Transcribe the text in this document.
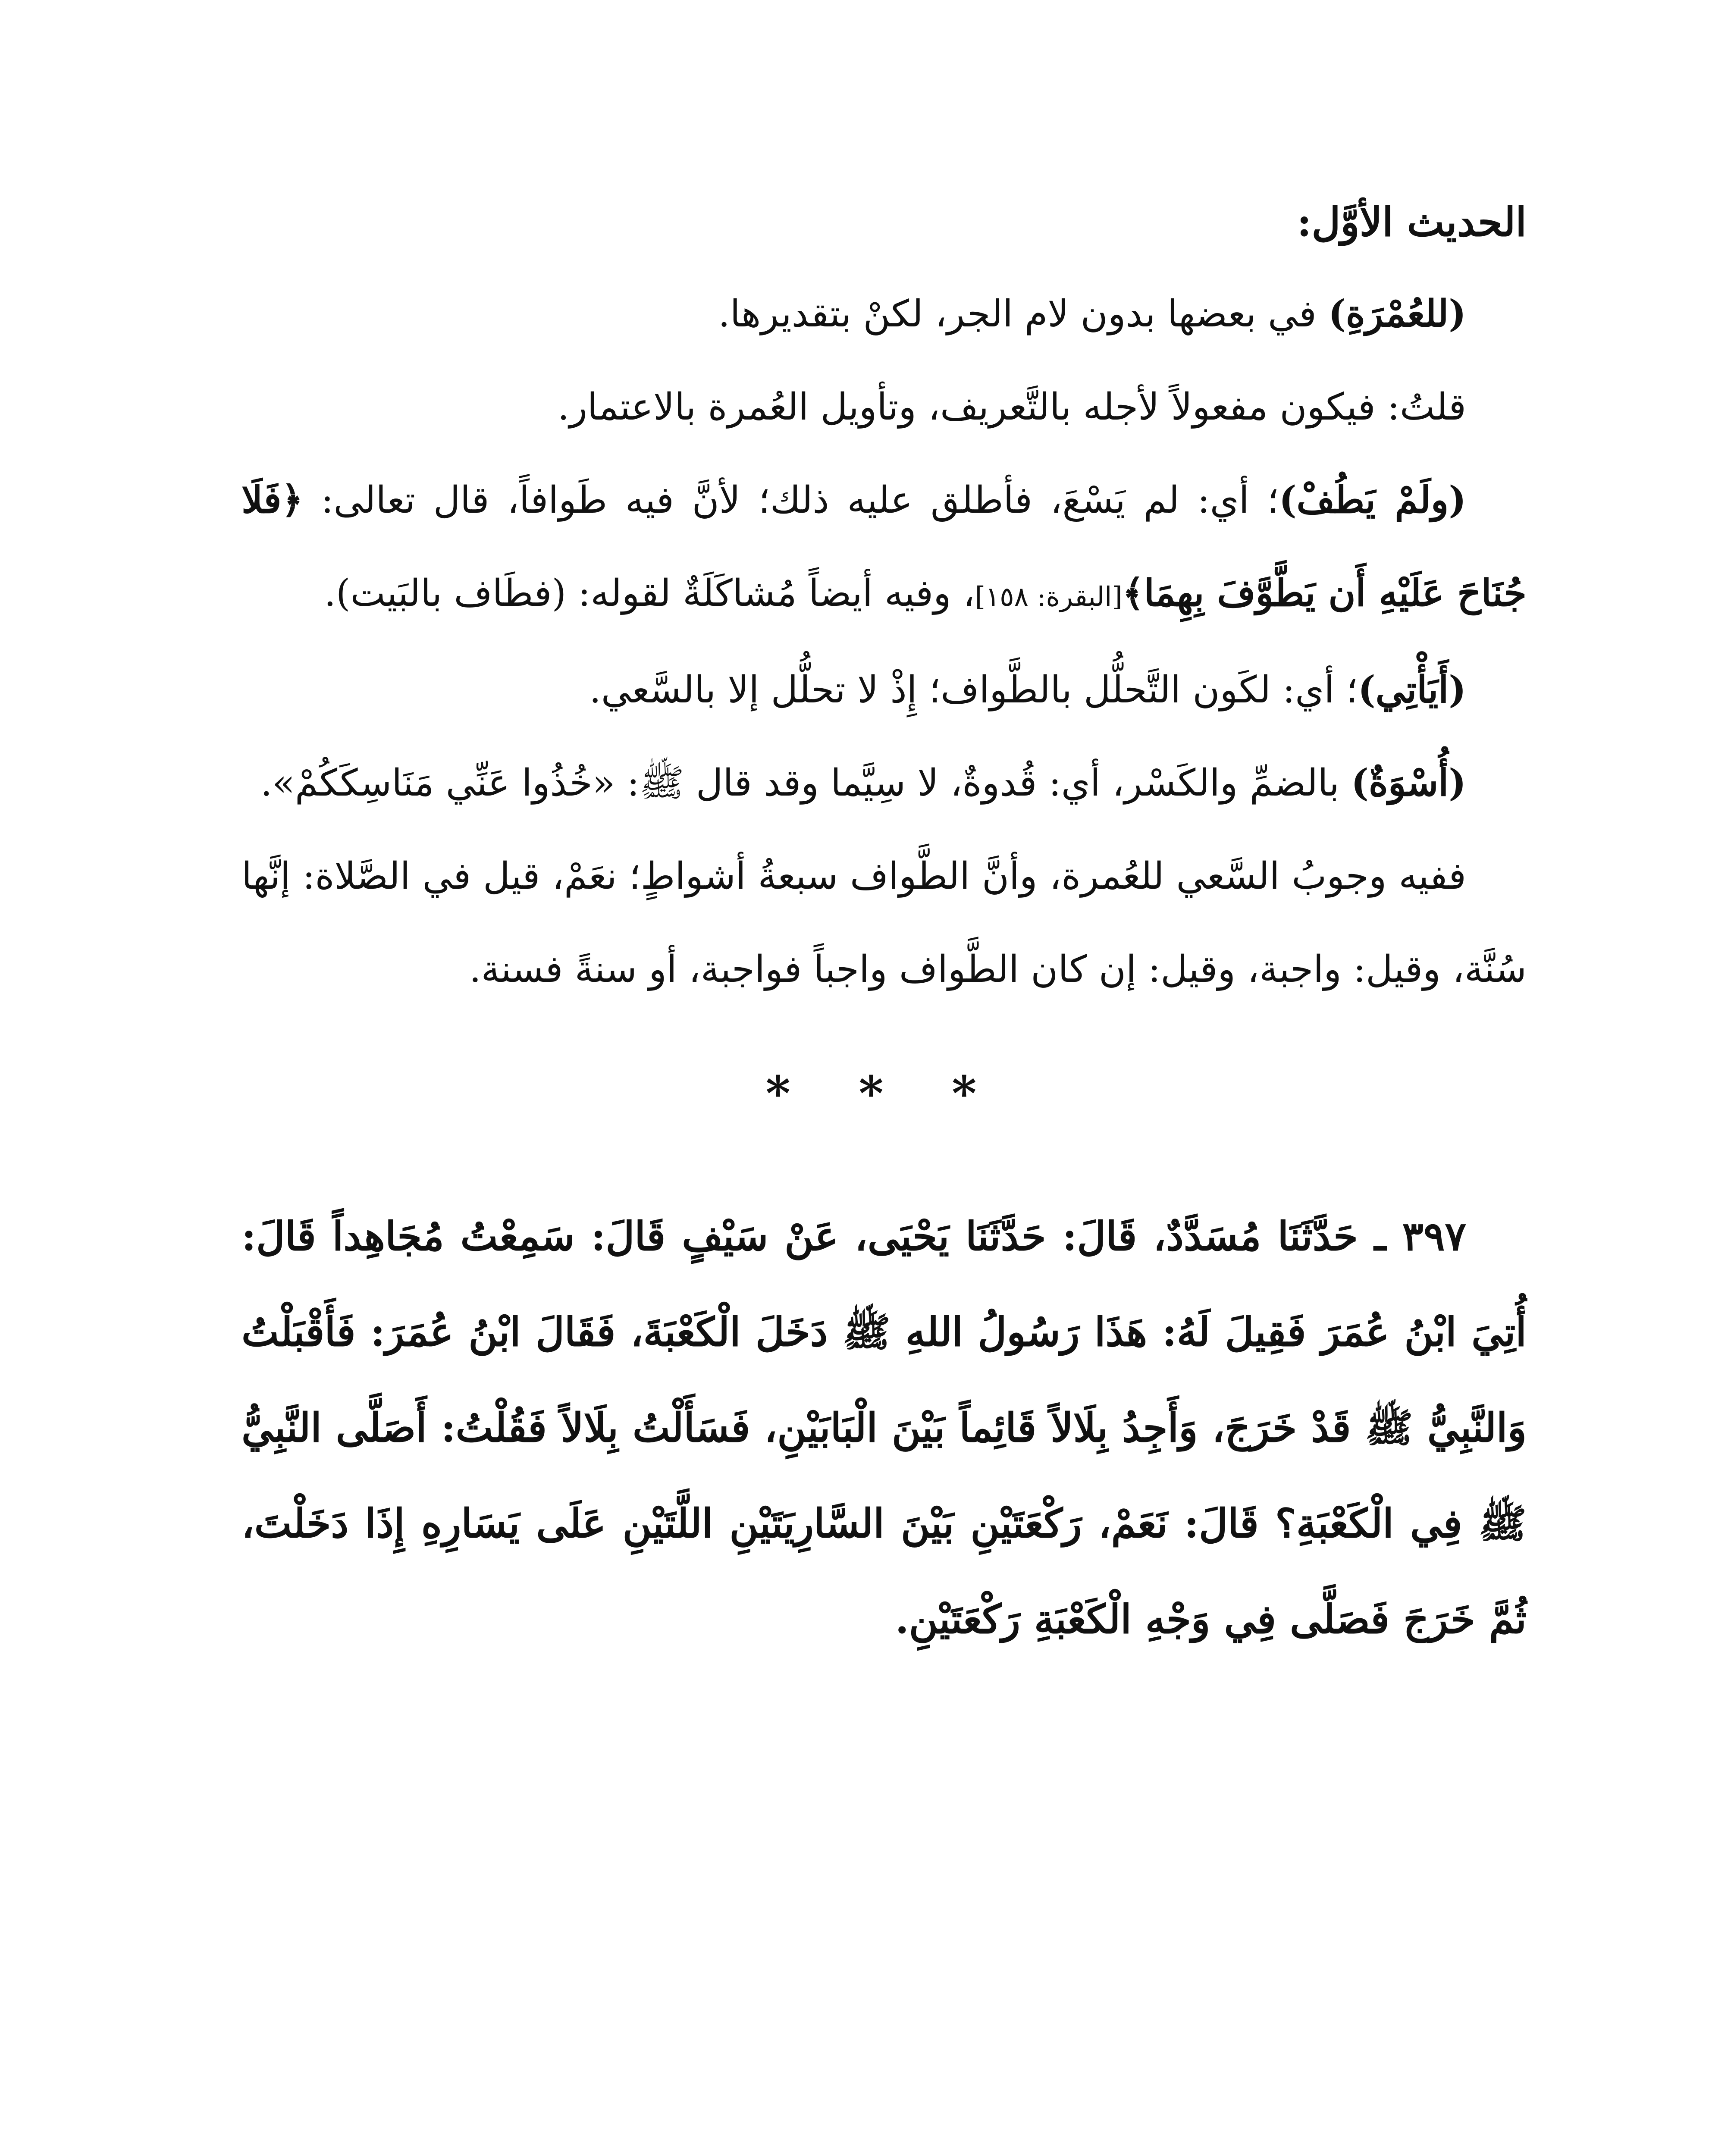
الحديث الأوَّل:

(للعُمْرَةِ) في بعضها بدون لام الجر، لكنْ بتقديرها.

قلتُ: فيكون مفعولاً لأجله بالتَّعريف، وتأويل العُمرة بالاعتمار.

(ولَمْ يَطُفْ)؛ أي: لم يَسْعَ، فأطلق عليه ذلك؛ لأنَّ فيه طَوافاً، قال تعالى: ﴿فَلَا جُنَاحَ عَلَيْهِ أَن يَطَّوَّفَ بِهِمَا﴾[البقرة: ١٥٨]، وفيه أيضاً مُشاكَلَةٌ لقوله: (فطَاف بالبَيت).

(أَيَأْتِي)؛ أي: لكَون التَّحلُّل بالطَّواف؛ إِذْ لا تحلُّل إلا بالسَّعي.

(أُسْوَةٌ) بالضمِّ والكَسْر، أي: قُدوةٌ، لا سِيَّما وقد قال ﷺ: «خُذُوا عَنِّي مَنَاسِكَكُمْ».

ففيه وجوبُ السَّعي للعُمرة، وأنَّ الطَّواف سبعةُ أشواطٍ؛ نعَمْ، قيل في الصَّلاة: إنَّها سُنَّة، وقيل: واجبة، وقيل: إن كان الطَّواف واجباً فواجبة، أو سنةً فسنة.

* * *

٣٩٧ ـ حَدَّثَنَا مُسَدَّدٌ، قَالَ: حَدَّثَنَا يَحْيَى، عَنْ سَيْفٍ قَالَ: سَمِعْتُ مُجَاهِداً قَالَ: أُتِيَ ابْنُ عُمَرَ فَقِيلَ لَهُ: هَذَا رَسُولُ اللهِ ﷺ دَخَلَ الْكَعْبَةَ، فَقَالَ ابْنُ عُمَرَ: فَأَقْبَلْتُ وَالنَّبِيُّ ﷺ قَدْ خَرَجَ، وَأَجِدُ بِلَالاً قَائِماً بَيْنَ الْبَابَيْنِ، فَسَأَلْتُ بِلَالاً فَقُلْتُ: أَصَلَّى النَّبِيُّ ﷺ فِي الْكَعْبَةِ؟ قَالَ: نَعَمْ، رَكْعَتَيْنِ بَيْنَ السَّارِيَتَيْنِ اللَّتَيْنِ عَلَى يَسَارِهِ إِذَا دَخَلْتَ، ثُمَّ خَرَجَ فَصَلَّى فِي وَجْهِ الْكَعْبَةِ رَكْعَتَيْنِ.
